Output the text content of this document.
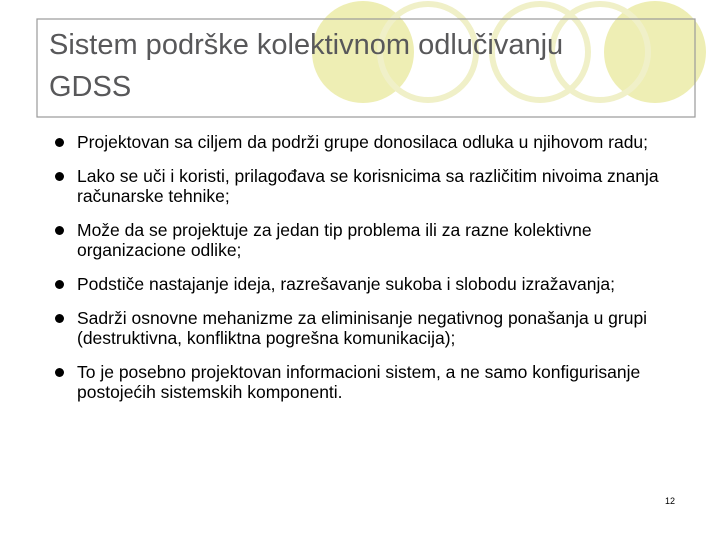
Sistem podrške kolektivnom odlučivanju GDSS
Projektovan sa ciljem da podrži grupe donosilaca odluka u njihovom radu;
Lako se uči i koristi, prilagođava se korisnicima sa različitim nivoima znanja računarske tehnike;
Može da se projektuje za jedan tip problema ili za razne kolektivne organizacione odlike;
Podstiče nastajanje ideja, razrešavanje sukoba i slobodu izražavanja;
Sadrži osnovne mehanizme za eliminisanje negativnog ponašanja u grupi (destruktivna, konfliktna pogrešna komunikacija);
To je posebno projektovan informacioni sistem, a ne samo konfigurisanje postojećih sistemskih komponenti.
12
